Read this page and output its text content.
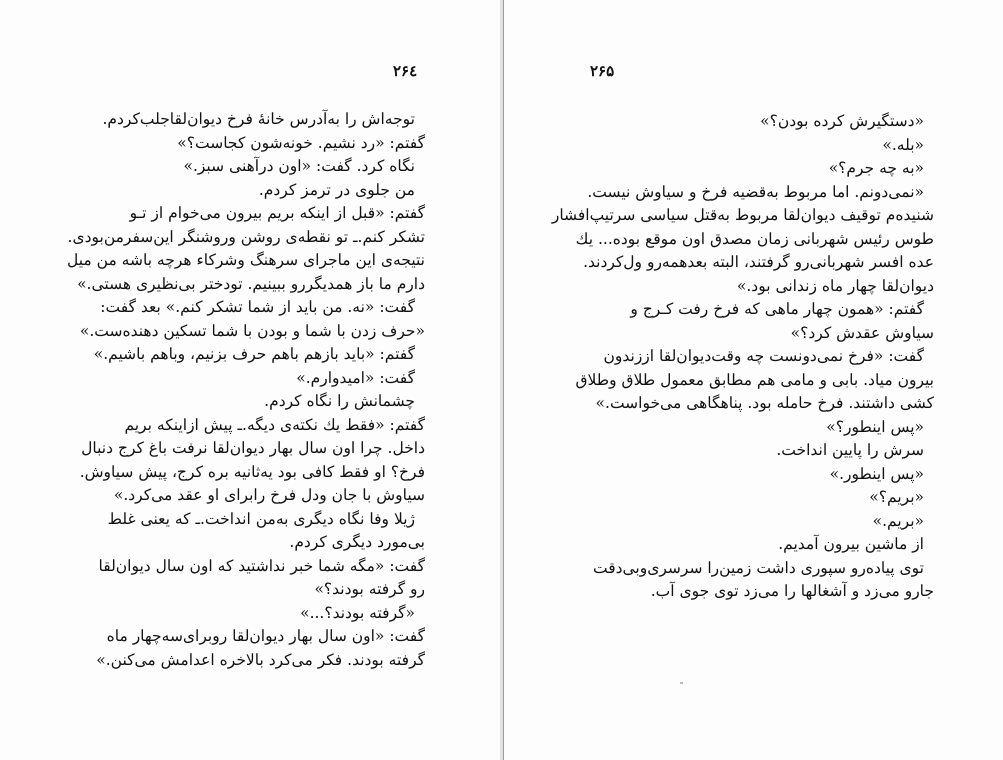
۲۶٤
توجه‌اش را به‌آدرس خانهٔ فرخ دیوان‌لقاجلب‌کردم.
گفتم: «رد نشیم. خونه‌شون کجاست؟»
نگاه کرد. گفت: «اون درآهنی سبز.»
من جلوی در ترمز کردم.
گفتم: «قبل از اینکه بریم بیرون می‌خوام از تـو
تشکر کنم.ـ تو نقطه‌ی روشن وروشنگر این‌سفرمن‌بودی.
نتیجه‌ی این ماجرای سرهنگ وشرکاء هرچه باشه من میل
دارم ما باز همدیگررو ببینیم. تودختر بی‌نظیری هستی.»
گفت: «نه. من باید از شما تشکر کنم.» بعد گفت:
«حرف زدن با شما و بودن با شما تسکین دهنده‌ست.»
گفتم: «باید بازهم باهم حرف بزنیم، وباهم باشیم.»
گفت: «امیدوارم.»
چشمانش را نگاه کردم.
گفتم: «فقط یك نکته‌ی دیگه.ـ پیش ازاینکه بریم
داخل. چرا اون سال بهار دیوان‌لقا نرفت باغ کرج دنبال
فرخ؟ او فقط کافی بود یه‌ثانیه بره کرج، پیش سیاوش.
سیاوش با جان ودل فرخ رابرای او عقد می‌کرد.»
ژیلا وفا نگاه دیگری به‌من انداخت.ـ که یعنی غلط
بی‌مورد دیگری کردم.
گفت: «مگه شما خبر نداشتید که اون سال دیوان‌لقا
رو گرفته بودند؟»
«گرفته بودند؟...»
گفت: «اون سال بهار دیوان‌لقا روبرای‌سه‌چهار ماه
گرفته بودند. فکر می‌کرد بالاخره اعدامش می‌کنن.»
۲۶۵
«دستگیرش کرده بودن؟»
«بله.»
«به چه جرم؟»
«نمی‌دونم. اما مربوط به‌قضیه فرخ و سیاوش نیست.
شنیده‌م توقیف دیوان‌لقا مربوط به‌قتل سیاسی سرتیپ‌افشار
طوس رئیس شهربانی زمان مصدق اون موقع بوده... یك
عده افسر شهربانی‌رو گرفتند، البته بعدهمه‌رو ول‌کردند.
دیوان‌لقا چهار ماه زندانی بود.»
گفتم: «همون چهار ماهی که فرخ رفت کـرج و
سیاوش عقدش کرد؟»
گفت: «فرخ نمی‌دونست چه وقت‌دیوان‌لقا اززندون
بیرون میاد. بابی و مامی هم مطابق معمول طلاق وطلاق
کشی داشتند. فرخ حامله بود. پناهگاهی می‌خواست.»
«پس اینطور؟»
سرش را پایین انداخت.
«پس اینطور.»
«بریم؟»
«بریم.»
از ماشین بیرون آمدیم.
توی پیاده‌رو سپوری داشت زمین‌را سرسری‌وبی‌دقت
جارو می‌زد و آشغالها را می‌زد توی جوی آب.
